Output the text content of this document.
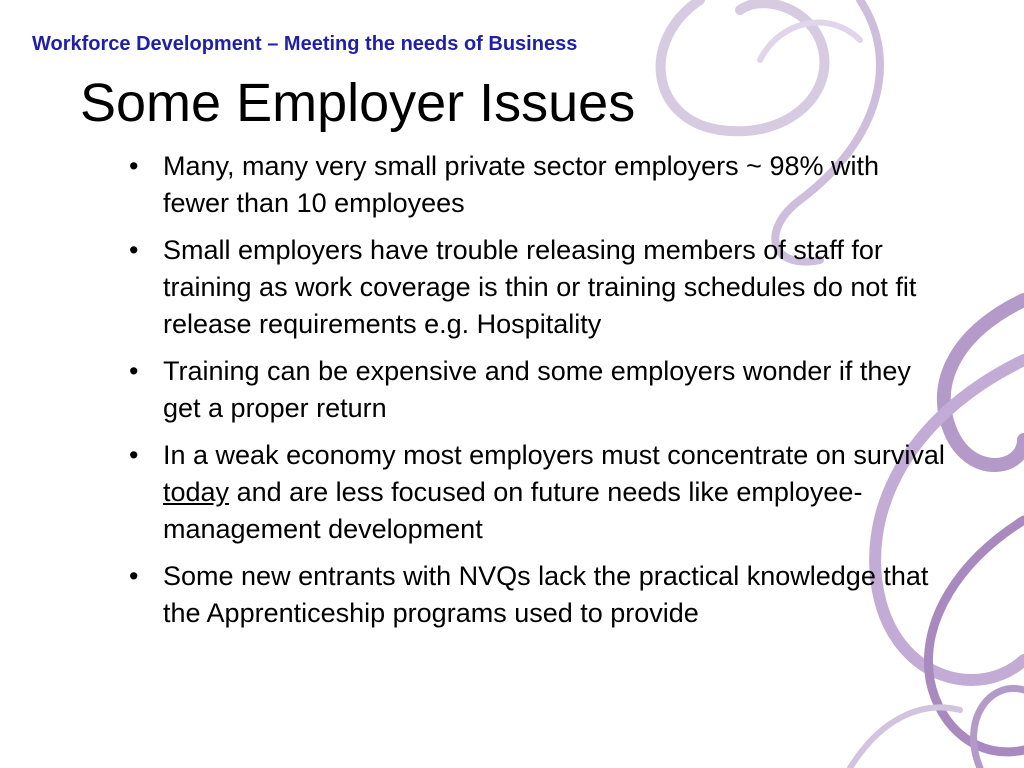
Workforce Development – Meeting the needs of Business
Some Employer Issues
• Many, many very small private sector employers ~ 98% with fewer than 10 employees
• Small employers have trouble releasing members of staff for training as work coverage is thin or training schedules do not fit release requirements e.g. Hospitality
• Training can be expensive and some employers wonder if they get a proper return
• In a weak economy most employers must concentrate on survival today and are less focused on future needs like employee-management development
• Some new entrants with NVQs lack the practical knowledge that the Apprenticeship programs used to provide
